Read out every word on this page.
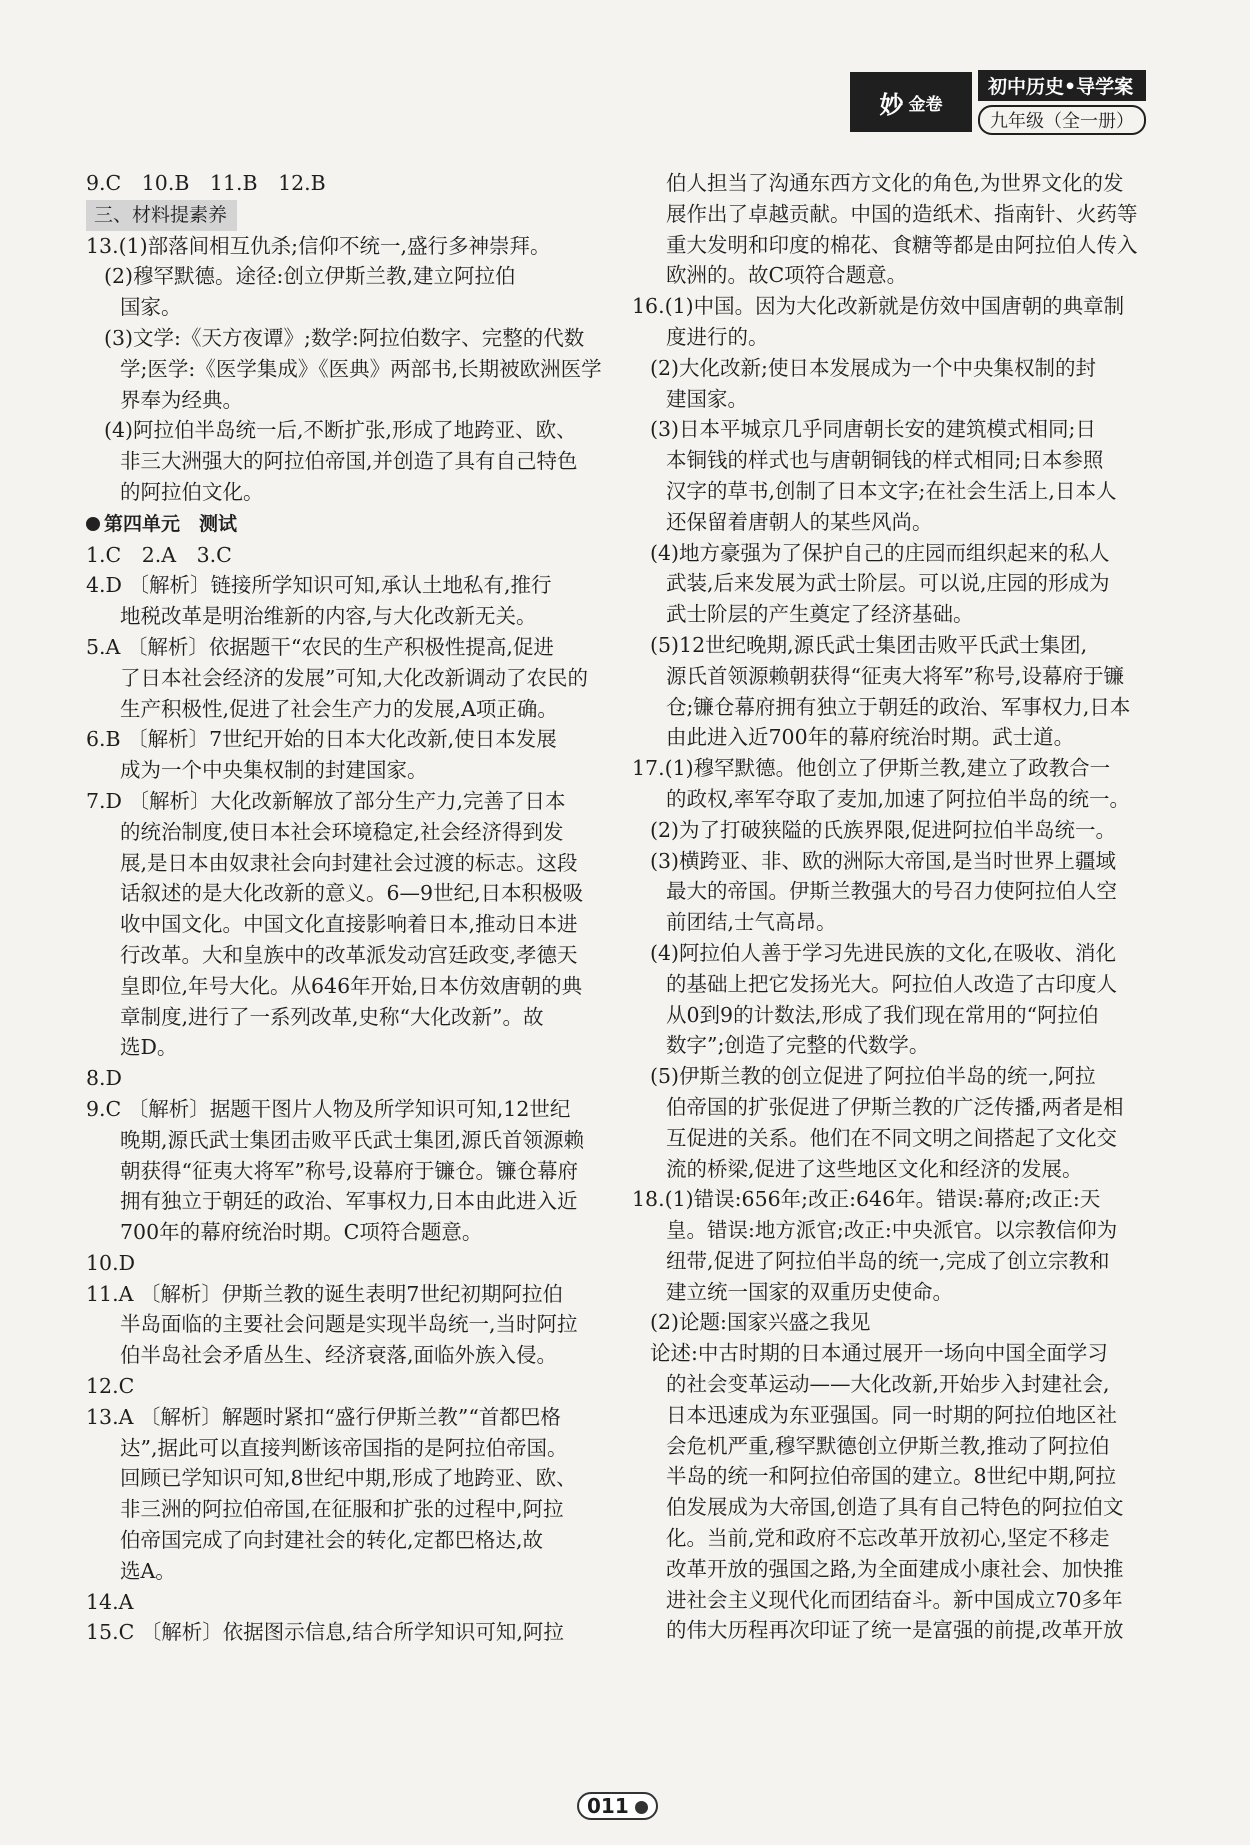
妙 金卷
初中历史•导学案
九年级（全一册）
9.C　10.B　11.B　12.B
三、材料提素养
13.(1)部落间相互仇杀;信仰不统一,盛行多神崇拜。
(2)穆罕默德。途径:创立伊斯兰教,建立阿拉伯
国家。
(3)文学:《天方夜谭》;数学:阿拉伯数字、完整的代数
学;医学:《医学集成》《医典》两部书,长期被欧洲医学
界奉为经典。
(4)阿拉伯半岛统一后,不断扩张,形成了地跨亚、欧、
非三大洲强大的阿拉伯帝国,并创造了具有自己特色
的阿拉伯文化。
第四单元　测试
1.C　2.A　3.C
4.D 〔解析〕链接所学知识可知,承认土地私有,推行
地税改革是明治维新的内容,与大化改新无关。
5.A 〔解析〕依据题干“农民的生产积极性提高,促进
了日本社会经济的发展”可知,大化改新调动了农民的
生产积极性,促进了社会生产力的发展,A项正确。
6.B 〔解析〕7世纪开始的日本大化改新,使日本发展
成为一个中央集权制的封建国家。
7.D 〔解析〕大化改新解放了部分生产力,完善了日本
的统治制度,使日本社会环境稳定,社会经济得到发
展,是日本由奴隶社会向封建社会过渡的标志。这段
话叙述的是大化改新的意义。6—9世纪,日本积极吸
收中国文化。中国文化直接影响着日本,推动日本进
行改革。大和皇族中的改革派发动宫廷政变,孝德天
皇即位,年号大化。从646年开始,日本仿效唐朝的典
章制度,进行了一系列改革,史称“大化改新”。故
选D。
8.D
9.C 〔解析〕据题干图片人物及所学知识可知,12世纪
晚期,源氏武士集团击败平氏武士集团,源氏首领源赖
朝获得“征夷大将军”称号,设幕府于镰仓。镰仓幕府
拥有独立于朝廷的政治、军事权力,日本由此进入近
700年的幕府统治时期。C项符合题意。
10.D
11.A 〔解析〕伊斯兰教的诞生表明7世纪初期阿拉伯
半岛面临的主要社会问题是实现半岛统一,当时阿拉
伯半岛社会矛盾丛生、经济衰落,面临外族入侵。
12.C
13.A 〔解析〕解题时紧扣“盛行伊斯兰教”“首都巴格
达”,据此可以直接判断该帝国指的是阿拉伯帝国。
回顾已学知识可知,8世纪中期,形成了地跨亚、欧、
非三洲的阿拉伯帝国,在征服和扩张的过程中,阿拉
伯帝国完成了向封建社会的转化,定都巴格达,故
选A。
14.A
15.C 〔解析〕依据图示信息,结合所学知识可知,阿拉
伯人担当了沟通东西方文化的角色,为世界文化的发
展作出了卓越贡献。中国的造纸术、指南针、火药等
重大发明和印度的棉花、食糖等都是由阿拉伯人传入
欧洲的。故C项符合题意。
16.(1)中国。因为大化改新就是仿效中国唐朝的典章制
度进行的。
(2)大化改新;使日本发展成为一个中央集权制的封
建国家。
(3)日本平城京几乎同唐朝长安的建筑模式相同;日
本铜钱的样式也与唐朝铜钱的样式相同;日本参照
汉字的草书,创制了日本文字;在社会生活上,日本人
还保留着唐朝人的某些风尚。
(4)地方豪强为了保护自己的庄园而组织起来的私人
武装,后来发展为武士阶层。可以说,庄园的形成为
武士阶层的产生奠定了经济基础。
(5)12世纪晚期,源氏武士集团击败平氏武士集团,
源氏首领源赖朝获得“征夷大将军”称号,设幕府于镰
仓;镰仓幕府拥有独立于朝廷的政治、军事权力,日本
由此进入近700年的幕府统治时期。武士道。
17.(1)穆罕默德。他创立了伊斯兰教,建立了政教合一
的政权,率军夺取了麦加,加速了阿拉伯半岛的统一。
(2)为了打破狭隘的氏族界限,促进阿拉伯半岛统一。
(3)横跨亚、非、欧的洲际大帝国,是当时世界上疆域
最大的帝国。伊斯兰教强大的号召力使阿拉伯人空
前团结,士气高昂。
(4)阿拉伯人善于学习先进民族的文化,在吸收、消化
的基础上把它发扬光大。阿拉伯人改造了古印度人
从0到9的计数法,形成了我们现在常用的“阿拉伯
数字”;创造了完整的代数学。
(5)伊斯兰教的创立促进了阿拉伯半岛的统一,阿拉
伯帝国的扩张促进了伊斯兰教的广泛传播,两者是相
互促进的关系。他们在不同文明之间搭起了文化交
流的桥梁,促进了这些地区文化和经济的发展。
18.(1)错误:656年;改正:646年。错误:幕府;改正:天
皇。错误:地方派官;改正:中央派官。以宗教信仰为
纽带,促进了阿拉伯半岛的统一,完成了创立宗教和
建立统一国家的双重历史使命。
(2)论题:国家兴盛之我见
论述:中古时期的日本通过展开一场向中国全面学习
的社会变革运动——大化改新,开始步入封建社会,
日本迅速成为东亚强国。同一时期的阿拉伯地区社
会危机严重,穆罕默德创立伊斯兰教,推动了阿拉伯
半岛的统一和阿拉伯帝国的建立。8世纪中期,阿拉
伯发展成为大帝国,创造了具有自己特色的阿拉伯文
化。当前,党和政府不忘改革开放初心,坚定不移走
改革开放的强国之路,为全面建成小康社会、加快推
进社会主义现代化而团结奋斗。新中国成立70多年
的伟大历程再次印证了统一是富强的前提,改革开放
011
